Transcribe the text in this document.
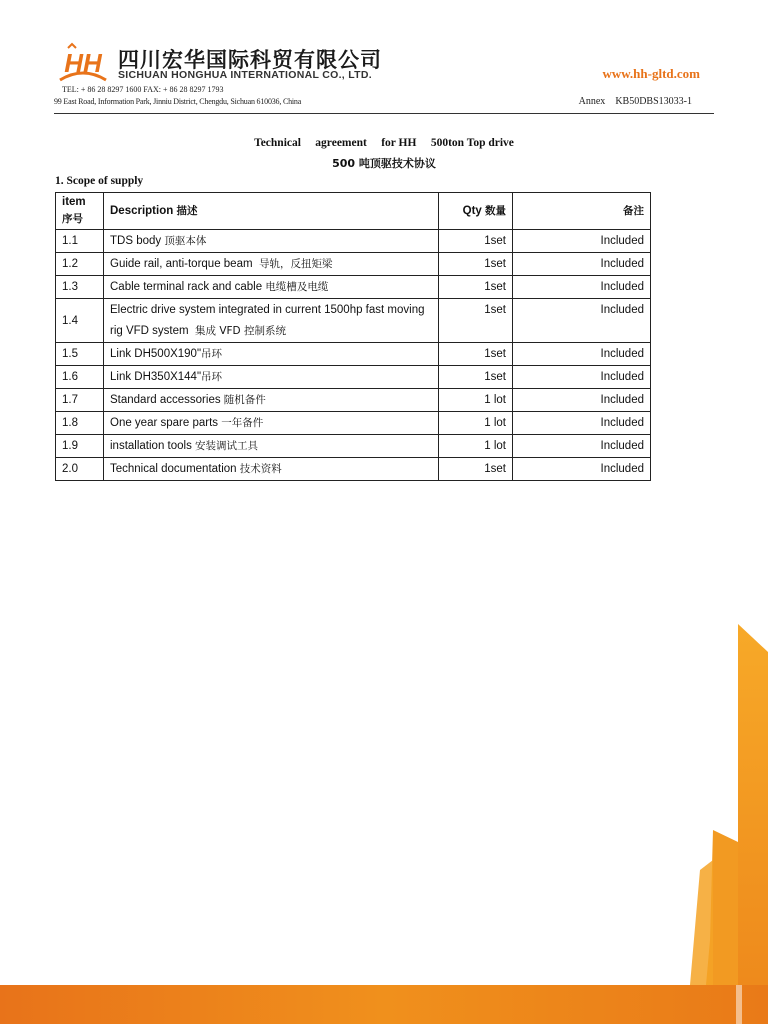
HH 四川宏华国际科贸有限公司
SICHUAN HONGHUA INTERNATIONAL CO., LTD.	www.hh-gltd.com
TEL: + 86 28 8297 1600 FAX: + 86 28 8297 1793
99 East Road, Information Park, Jinniu District, Chengdu, Sichuan 610036, China	Annex KB50DBS13033-1
Technical     agreement     for HH     500ton Top drive
500 吨顶驱技术协议
1. Scope of supply
item
序号	Description 描述	Qty 数量	备注
1.1	TDS body 顶驱本体	1set	Included
1.2	Guide rail, anti-torque beam 导轨，反扭矩梁	1set	Included
1.3	Cable terminal rack and cable 电缆槽及电缆	1set	Included
1.4	Electric drive system integrated in current 1500hp fast moving rig VFD system 集成 VFD 控制系统	1set	Included
1.5	Link DH500X190"吊环	1set	Included
1.6	Link DH350X144"吊环	1set	Included
1.7	Standard accessories 随机备件	1 lot	Included
1.8	One year spare parts 一年备件	1 lot	Included
1.9	installation tools 安装调试工具	1 lot	Included
2.0	Technical documentation 技术资料	1set	Included
